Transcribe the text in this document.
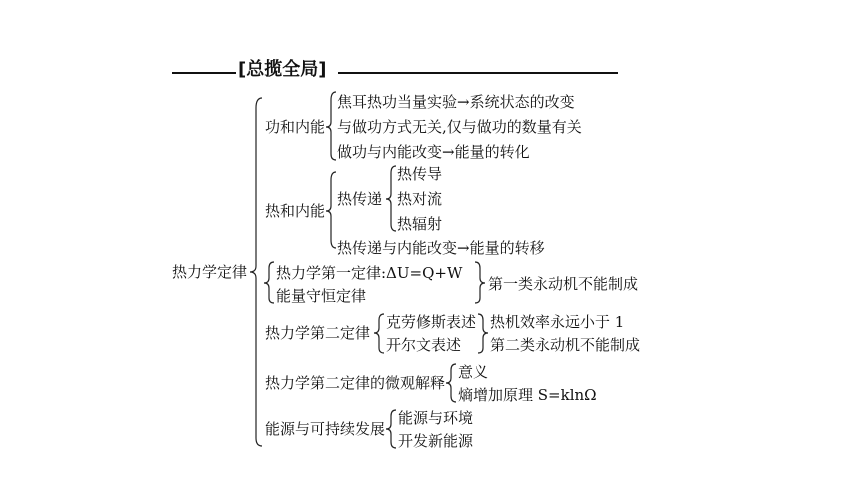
[总揽全局]
热力学定律
功和内能
焦耳热功当量实验→系统状态的改变
与做功方式无关,仅与做功的数量有关
做功与内能改变→能量的转化
热和内能
热传递
热传导
热对流
热辐射
热传递与内能改变→能量的转移
热力学第一定律:ΔU=Q+W
能量守恒定律
第一类永动机不能制成
热力学第二定律
克劳修斯表述
开尔文表述
热机效率永远小于 1
第二类永动机不能制成
热力学第二定律的微观解释
意义
熵增加原理 S=klnΩ
能源与可持续发展
能源与环境
开发新能源
